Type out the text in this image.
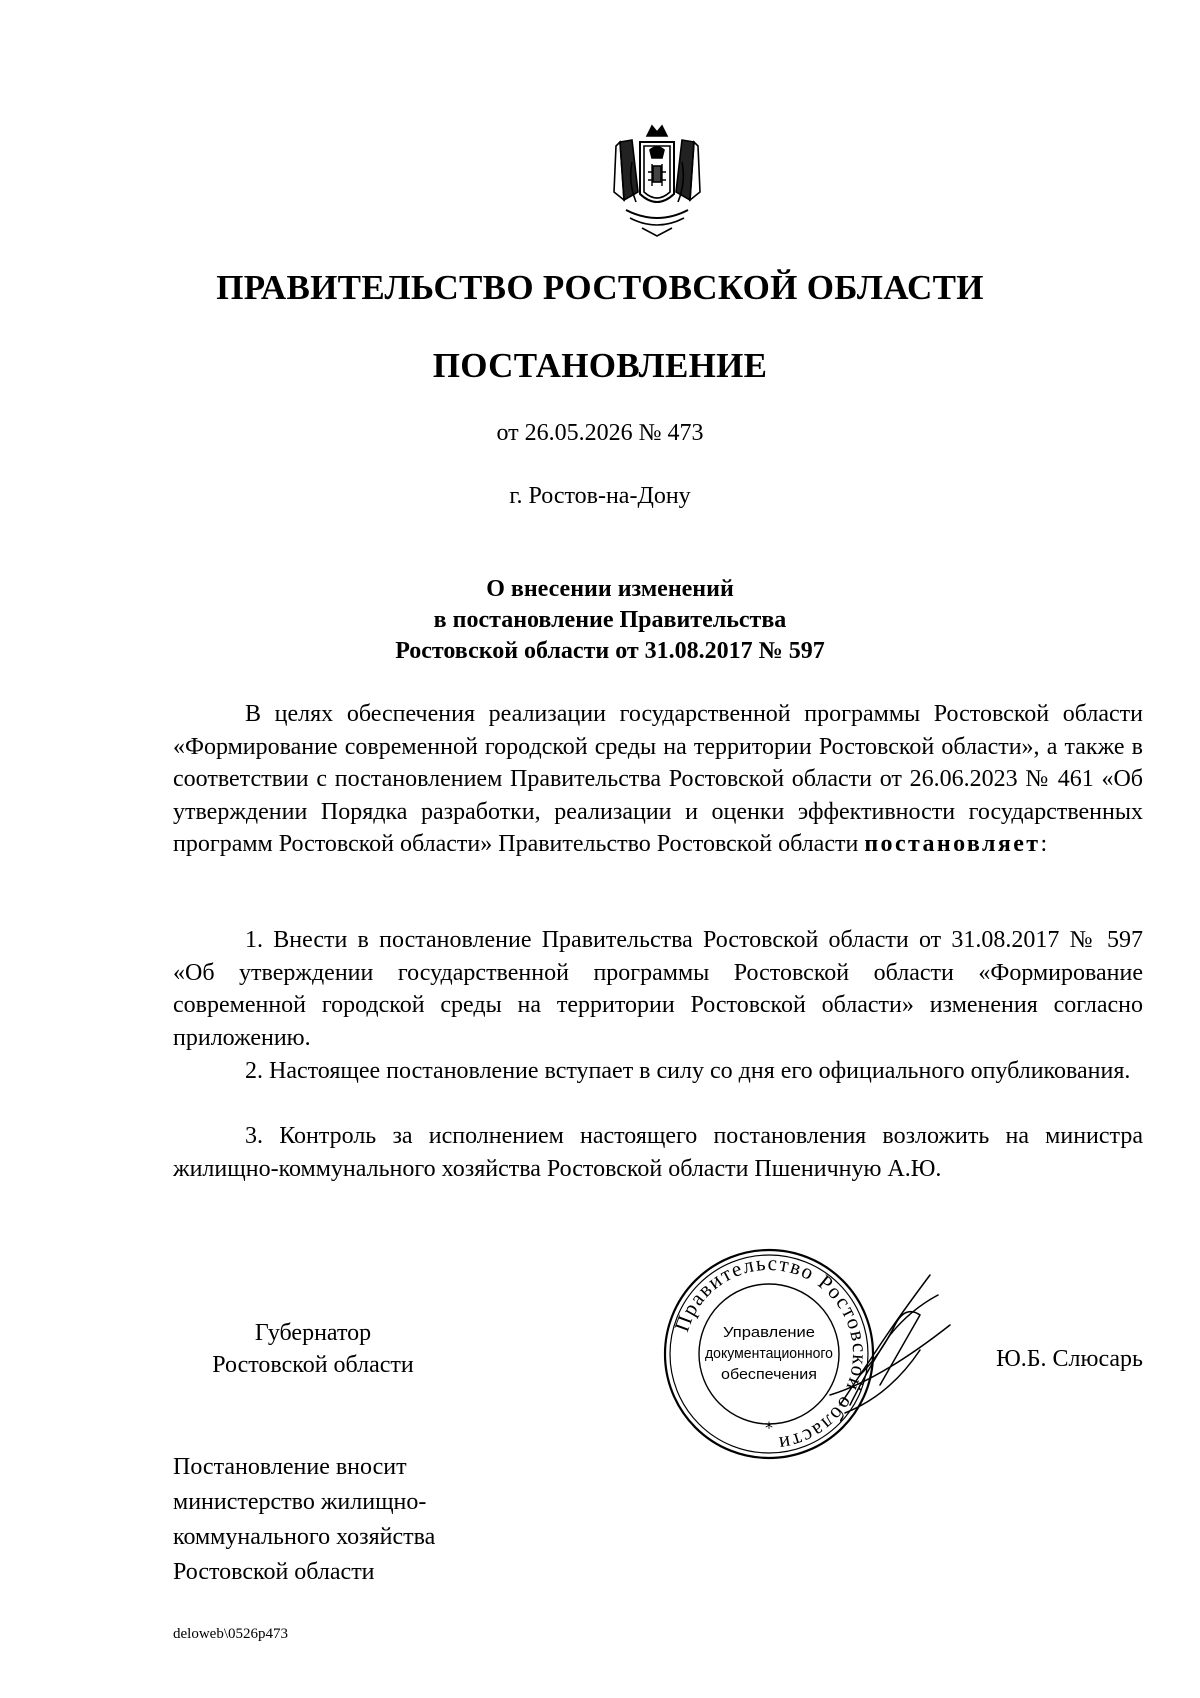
ПРАВИТЕЛЬСТВО РОСТОВСКОЙ ОБЛАСТИ
ПОСТАНОВЛЕНИЕ
от 26.05.2026 № 473
г. Ростов-на-Дону
О внесении изменений
в постановление Правительства
Ростовской области от 31.08.2017 № 597
В целях обеспечения реализации государственной программы Ростовской области «Формирование современной городской среды на территории Ростовской области», а также в соответствии с постановлением Правительства Ростовской области от 26.06.2023 № 461 «Об утверждении Порядка разработки, реализации и оценки эффективности государственных программ Ростовской области» Правительство Ростовской области постановляет:
1. Внести в постановление Правительства Ростовской области от 31.08.2017 № 597 «Об утверждении государственной программы Ростовской области «Формирование современной городской среды на территории Ростовской области» изменения согласно приложению.
2. Настоящее постановление вступает в силу со дня его официального опубликования.
3. Контроль за исполнением настоящего постановления возложить на министра жилищно-коммунального хозяйства Ростовской области Пшеничную А.Ю.
Губернатор
Ростовской области
Правительство Ростовской области
*
Управление
документационного
обеспечения
Ю.Б. Слюсарь
Постановление вносит
министерство жилищно-
коммунального хозяйства
Ростовской области
deloweb\0526p473
